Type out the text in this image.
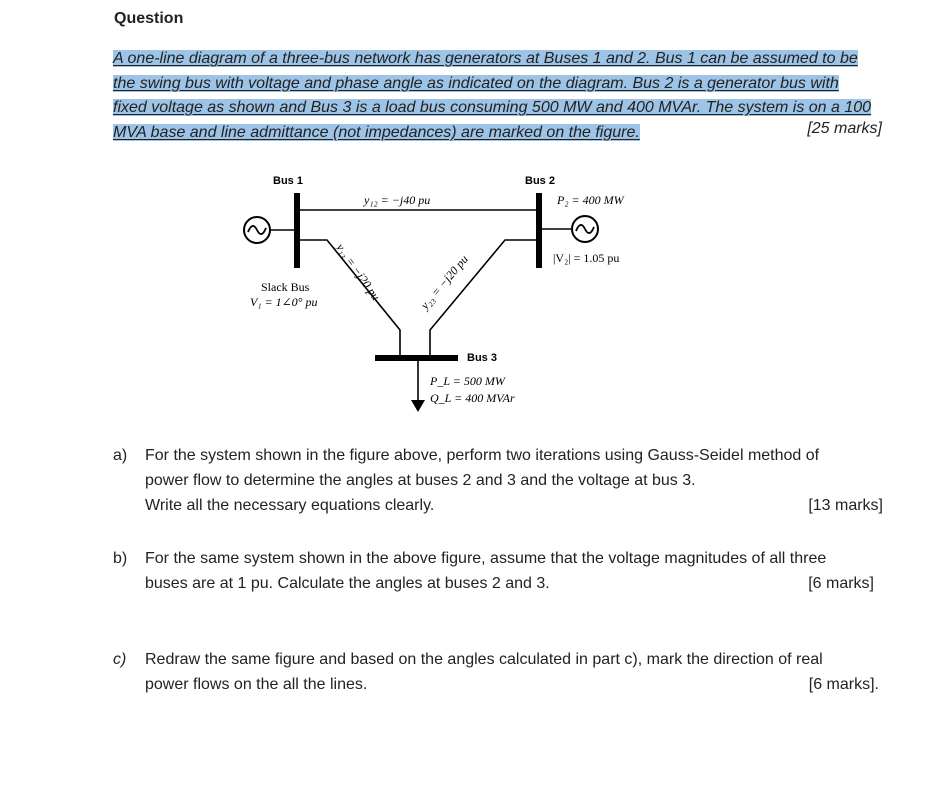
Question
A one-line diagram of a three-bus network has generators at Buses 1 and 2. Bus 1 can be assumed to be
the swing bus with voltage and phase angle as indicated on the diagram. Bus 2 is a generator bus with
fixed voltage as shown and Bus 3 is a load bus consuming 500 MW and 400 MVAr. The system is on a 100
MVA base and line admittance (not impedances) are marked on the figure.	[25 marks]
Bus 1	Bus 2
Bus 3
y₁₂ = −j40 pu	P₂ = 400 MW
|V₂| = 1.05 pu
Slack Bus
V₁ = 1∠0° pu
P_L = 500 MW
Q_L = 400 MVAr
y₁₃ = −j20 pu	y₂₃ = −j20 pu
a) For the system shown in the figure above, perform two iterations using Gauss-Seidel method of
power flow to determine the angles at buses 2 and 3 and the voltage at bus 3.
Write all the necessary equations clearly.	[13 marks]
b) For the same system shown in the above figure, assume that the voltage magnitudes of all three
buses are at 1 pu. Calculate the angles at buses 2 and 3.	[6 marks]
c) Redraw the same figure and based on the angles calculated in part c), mark the direction of real
power flows on the all the lines.	[6 marks].
